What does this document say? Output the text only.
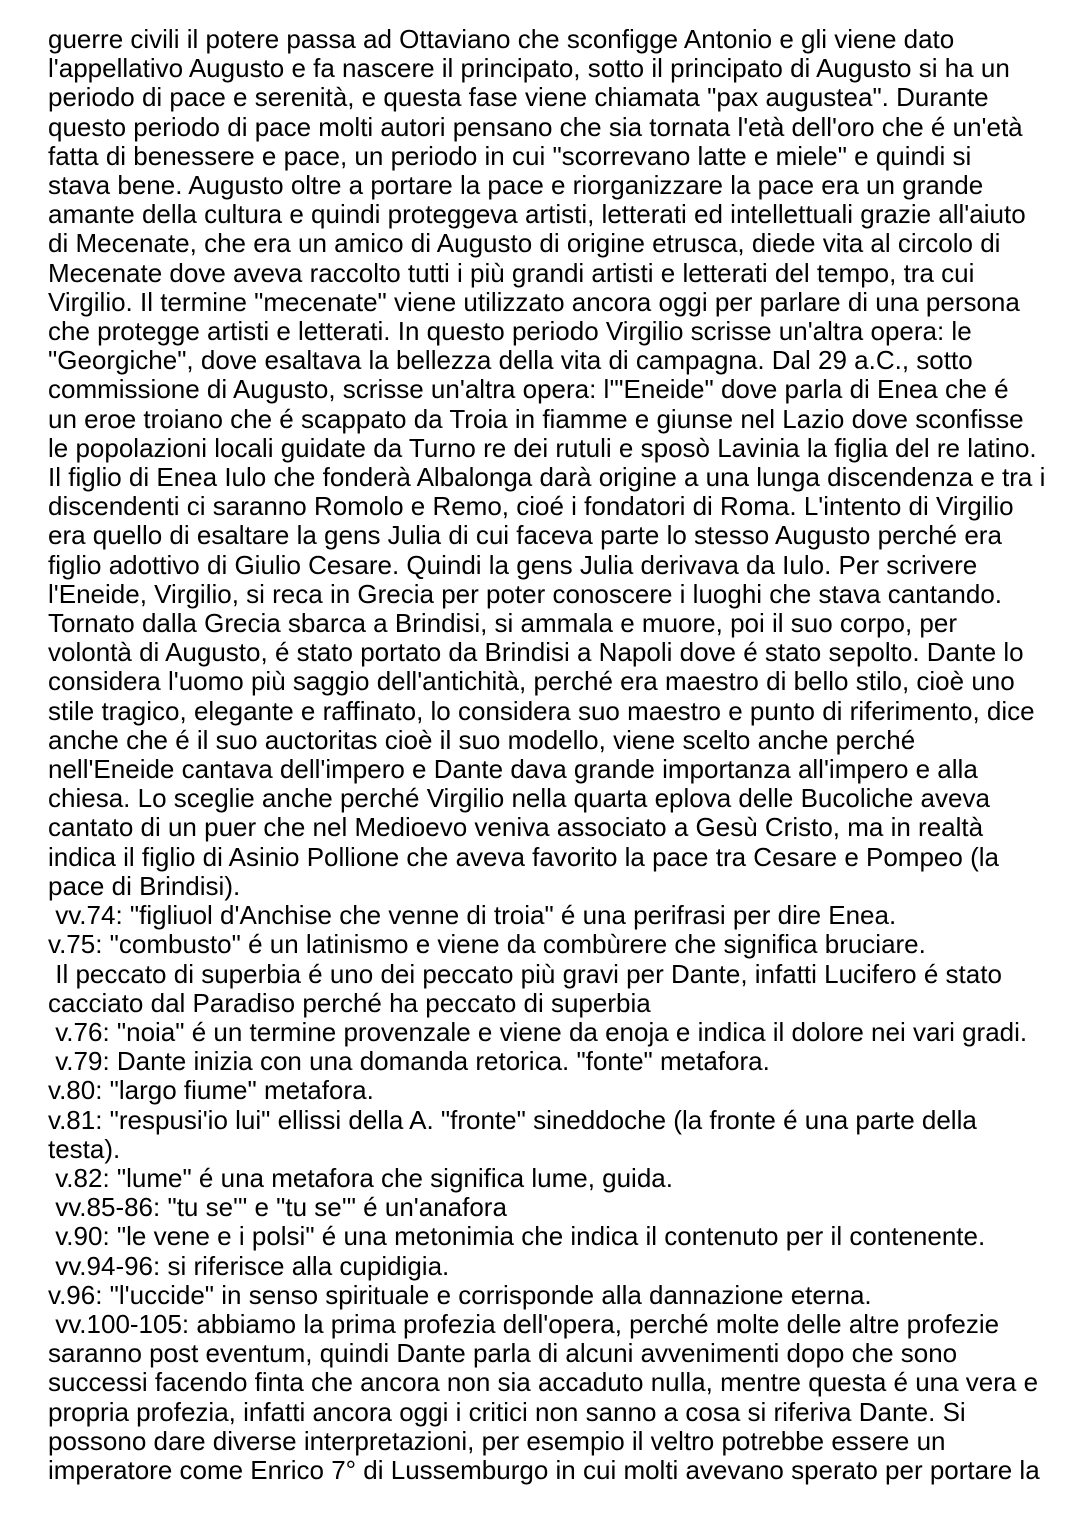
guerre civili il potere passa ad Ottaviano che sconfigge Antonio e gli viene dato
l'appellativo Augusto e fa nascere il principato, sotto il principato di Augusto si ha un
periodo di pace e serenità, e questa fase viene chiamata "pax augustea". Durante
questo periodo di pace molti autori pensano che sia tornata l'età dell'oro che é un'età
fatta di benessere e pace, un periodo in cui "scorrevano latte e miele" e quindi si
stava bene. Augusto oltre a portare la pace e riorganizzare la pace era un grande
amante della cultura e quindi proteggeva artisti, letterati ed intellettuali grazie all'aiuto
di Mecenate, che era un amico di Augusto di origine etrusca, diede vita al circolo di
Mecenate dove aveva raccolto tutti i più grandi artisti e letterati del tempo, tra cui
Virgilio. Il termine "mecenate" viene utilizzato ancora oggi per parlare di una persona
che protegge artisti e letterati. In questo periodo Virgilio scrisse un'altra opera: le
"Georgiche", dove esaltava la bellezza della vita di campagna. Dal 29 a.C., sotto
commissione di Augusto, scrisse un'altra opera: l'"Eneide" dove parla di Enea che é
un eroe troiano che é scappato da Troia in fiamme e giunse nel Lazio dove sconfisse
le popolazioni locali guidate da Turno re dei rutuli e sposò Lavinia la figlia del re latino.
Il figlio di Enea Iulo che fonderà Albalonga darà origine a una lunga discendenza e tra i
discendenti ci saranno Romolo e Remo, cioé i fondatori di Roma. L'intento di Virgilio
era quello di esaltare la gens Julia di cui faceva parte lo stesso Augusto perché era
figlio adottivo di Giulio Cesare. Quindi la gens Julia derivava da Iulo. Per scrivere
l'Eneide, Virgilio, si reca in Grecia per poter conoscere i luoghi che stava cantando.
Tornato dalla Grecia sbarca a Brindisi, si ammala e muore, poi il suo corpo, per
volontà di Augusto, é stato portato da Brindisi a Napoli dove é stato sepolto. Dante lo
considera l'uomo più saggio dell'antichità, perché era maestro di bello stilo, cioè uno
stile tragico, elegante e raffinato, lo considera suo maestro e punto di riferimento, dice
anche che é il suo auctoritas cioè il suo modello, viene scelto anche perché
nell'Eneide cantava dell'impero e Dante dava grande importanza all'impero e alla
chiesa. Lo sceglie anche perché Virgilio nella quarta eplova delle Bucoliche aveva
cantato di un puer che nel Medioevo veniva associato a Gesù Cristo, ma in realtà
indica il figlio di Asinio Pollione che aveva favorito la pace tra Cesare e Pompeo (la
pace di Brindisi).
vv.74: "figliuol d'Anchise che venne di troia" é una perifrasi per dire Enea.
v.75: "combusto" é un latinismo e viene da combùrere che significa bruciare.
Il peccato di superbia é uno dei peccato più gravi per Dante, infatti Lucifero é stato
cacciato dal Paradiso perché ha peccato di superbia
v.76: "noia" é un termine provenzale e viene da enoja e indica il dolore nei vari gradi.
v.79: Dante inizia con una domanda retorica. "fonte" metafora.
v.80: "largo fiume" metafora.
v.81: "respusi'io lui" ellissi della A. "fronte" sineddoche (la fronte é una parte della
testa).
v.82: "lume" é una metafora che significa lume, guida.
vv.85-86: "tu se'" e "tu se'" é un'anafora
v.90: "le vene e i polsi" é una metonimia che indica il contenuto per il contenente.
vv.94-96: si riferisce alla cupidigia.
v.96: "l'uccide" in senso spirituale e corrisponde alla dannazione eterna.
vv.100-105: abbiamo la prima profezia dell'opera, perché molte delle altre profezie
saranno post eventum, quindi Dante parla di alcuni avvenimenti dopo che sono
successi facendo finta che ancora non sia accaduto nulla, mentre questa é una vera e
propria profezia, infatti ancora oggi i critici non sanno a cosa si riferiva Dante. Si
possono dare diverse interpretazioni, per esempio il veltro potrebbe essere un
imperatore come Enrico 7° di Lussemburgo in cui molti avevano sperato per portare la
